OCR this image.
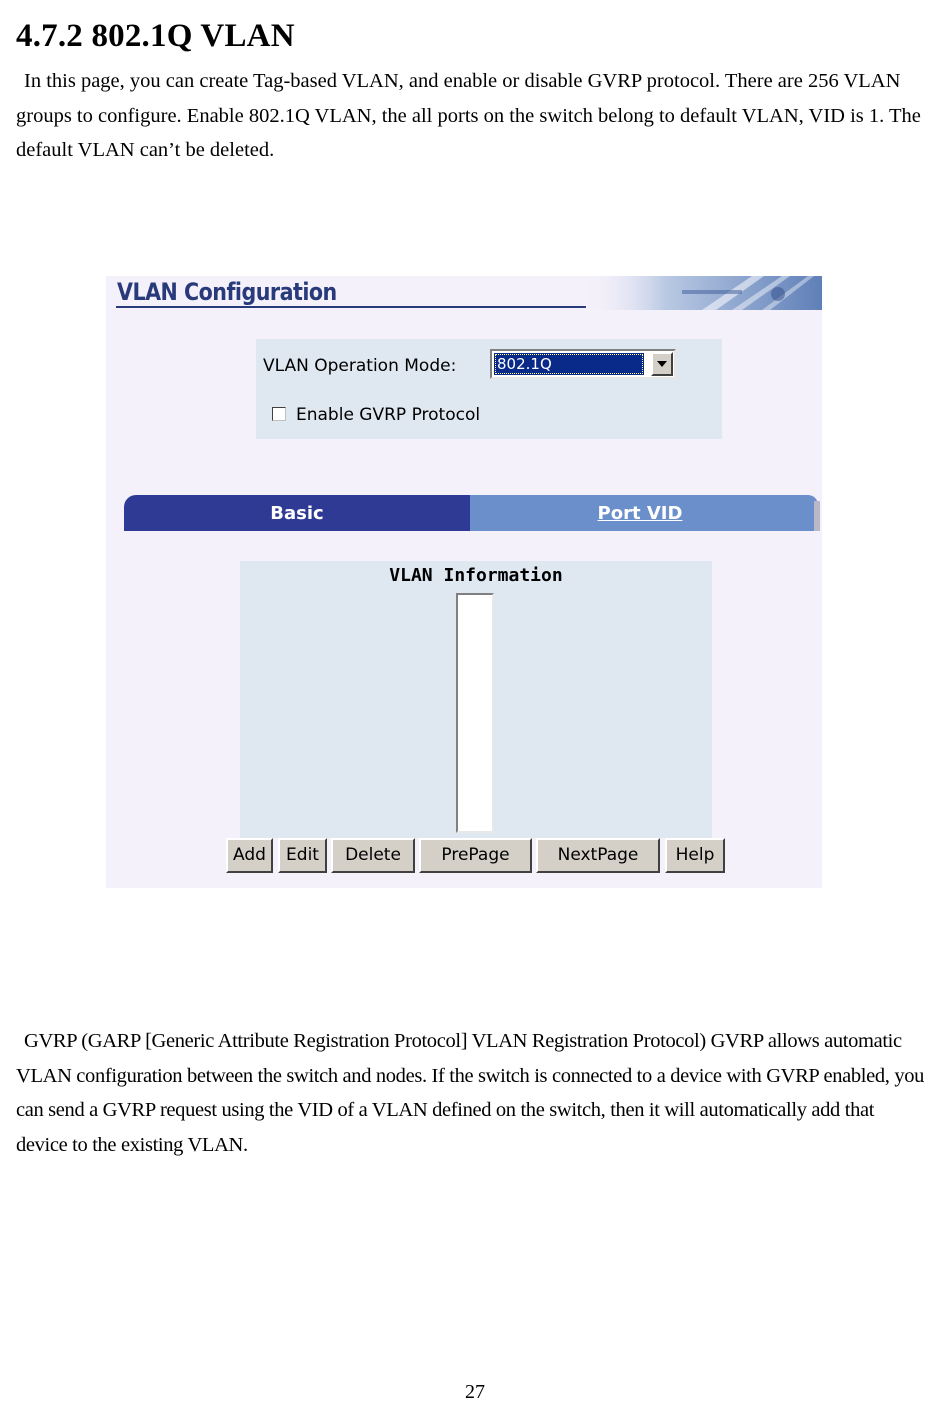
4.7.2 802.1Q VLAN
In this page, you can create Tag-based VLAN, and enable or disable GVRP protocol. There are 256 VLAN groups to configure. Enable 802.1Q VLAN, the all ports on the switch belong to default VLAN, VID is 1. The default VLAN can’t be deleted.
VLAN Configuration
VLAN Operation Mode:	802.1Q
Enable GVRP Protocol
Port VID
Basic
VLAN Information
Add	Edit	Delete	PrePage	NextPage	Help
GVRP (GARP [Generic Attribute Registration Protocol] VLAN Registration Protocol) GVRP allows automatic VLAN configuration between the switch and nodes. If the switch is connected to a device with GVRP enabled, you can send a GVRP request using the VID of a VLAN defined on the switch, then it will automatically add that device to the existing VLAN.
27
